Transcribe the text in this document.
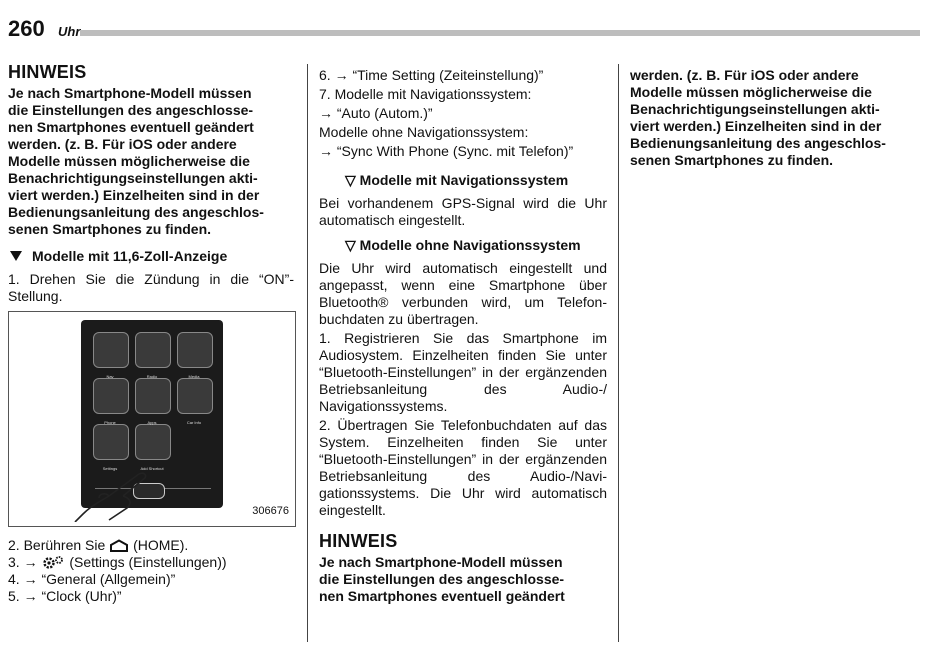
260 Uhr
HINWEIS
Je nach Smartphone-Modell müssen
die Einstellungen des angeschlosse-
nen Smartphones eventuell geändert
werden. (z. B. Für iOS oder andere
Modelle müssen möglicherweise die
Benachrichtigungseinstellungen akti-
viert werden.) Einzelheiten sind in der
Bedienungsanleitung des angeschlos-
senen Smartphones zu finden.
Modelle mit 11,6-Zoll-Anzeige
1. Drehen Sie die Zündung in die “ON”-Stellung.
Nav	Radio	Media
Phone	Apps	Car Info
Settings	Add Shortcut
306676
2. Berühren Sie (HOME).
3. → (Settings (Einstellungen))
4. → “General (Allgemein)”
5. → “Clock (Uhr)”
6. → “Time Setting (Zeiteinstellung)”
7. Modelle mit Navigationssystem:
→ “Auto (Autom.)”
Modelle ohne Navigationssystem:
→ “Sync With Phone (Sync. mit Telefon)”
▽ Modelle mit Navigationssystem
Bei vorhandenem GPS-Signal wird die Uhr automatisch eingestellt.
▽ Modelle ohne Navigationssystem
Die Uhr wird automatisch eingestellt und angepasst, wenn eine Smartphone über Bluetooth® verbunden wird, um Telefonbuchdaten zu übertragen.
1. Registrieren Sie das Smartphone im Audiosystem. Einzelheiten finden Sie unter “Bluetooth-Einstellungen” in der ergänzenden Betriebsanleitung des Audio-/ Navigationssystems.
2. Übertragen Sie Telefonbuchdaten auf das System. Einzelheiten finden Sie unter “Bluetooth-Einstellungen” in der ergänzenden Betriebsanleitung des Audio-/Navigationssystems. Die Uhr wird automatisch eingestellt.
HINWEIS
Je nach Smartphone-Modell müssen
die Einstellungen des angeschlosse-
nen Smartphones eventuell geändert
werden. (z. B. Für iOS oder andere
Modelle müssen möglicherweise die
Benachrichtigungseinstellungen akti-
viert werden.) Einzelheiten sind in der
Bedienungsanleitung des angeschlos-
senen Smartphones zu finden.
